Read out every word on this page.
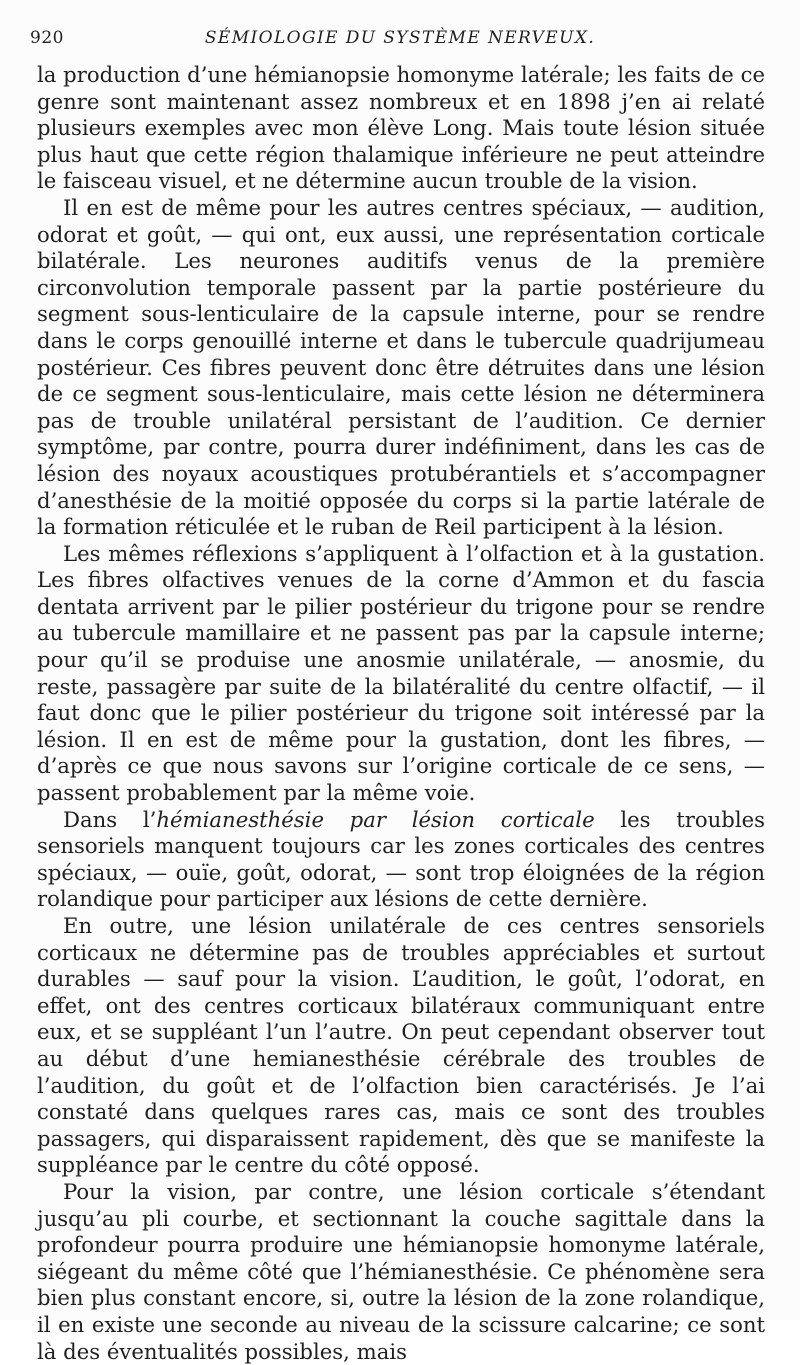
920	SÉMIOLOGIE DU SYSTÈME NERVEUX.

la production d’une hémianopsie homonyme latérale; les faits de ce genre sont maintenant assez nombreux et en 1898 j’en ai relaté plusieurs exemples avec mon élève Long. Mais toute lésion située plus haut que cette région thalamique inférieure ne peut atteindre le faisceau visuel, et ne détermine aucun trouble de la vision.

Il en est de même pour les autres centres spéciaux, — audition, odorat et goût, — qui ont, eux aussi, une représentation corticale bilatérale. Les neurones auditifs venus de la première circonvolution temporale passent par la partie postérieure du segment sous-lenticulaire de la capsule interne, pour se rendre dans le corps genouillé interne et dans le tubercule quadrijumeau postérieur. Ces fibres peuvent donc être détruites dans une lésion de ce segment sous-lenticulaire, mais cette lésion ne déterminera pas de trouble unilatéral persistant de l’audition. Ce dernier symptôme, par contre, pourra durer indéfiniment, dans les cas de lésion des noyaux acoustiques protubérantiels et s’accompagner d’anesthésie de la moitié opposée du corps si la partie latérale de la formation réticulée et le ruban de Reil participent à la lésion.

Les mêmes réflexions s’appliquent à l’olfaction et à la gustation. Les fibres olfactives venues de la corne d’Ammon et du fascia dentata arrivent par le pilier postérieur du trigone pour se rendre au tubercule mamillaire et ne passent pas par la capsule interne; pour qu’il se produise une anosmie unilatérale, — anosmie, du reste, passagère par suite de la bilatéralité du centre olfactif, — il faut donc que le pilier postérieur du trigone soit intéressé par la lésion. Il en est de même pour la gustation, dont les fibres, — d’après ce que nous savons sur l’origine corticale de ce sens, — passent probablement par la même voie.

Dans l’hémianesthésie par lésion corticale les troubles sensoriels manquent toujours car les zones corticales des centres spéciaux, — ouïe, goût, odorat, — sont trop éloignées de la région rolandique pour participer aux lésions de cette dernière.

En outre, une lésion unilatérale de ces centres sensoriels corticaux ne détermine pas de troubles appréciables et surtout durables — sauf pour la vision. L’audition, le goût, l’odorat, en effet, ont des centres corticaux bilatéraux communiquant entre eux, et se suppléant l’un l’autre. On peut cependant observer tout au début d’une hemianesthésie cérébrale des troubles de l’audition, du goût et de l’olfaction bien caractérisés. Je l’ai constaté dans quelques rares cas, mais ce sont des troubles passagers, qui disparaissent rapidement, dès que se manifeste la suppléance par le centre du côté opposé.

Pour la vision, par contre, une lésion corticale s’étendant jusqu’au pli courbe, et sectionnant la couche sagittale dans la profondeur pourra produire une hémianopsie homonyme latérale, siégeant du même côté que l’hémianesthésie. Ce phénomène sera bien plus constant encore, si, outre la lésion de la zone rolandique, il en existe une seconde au niveau de la scissure calcarine; ce sont là des éventualités possibles, mais
